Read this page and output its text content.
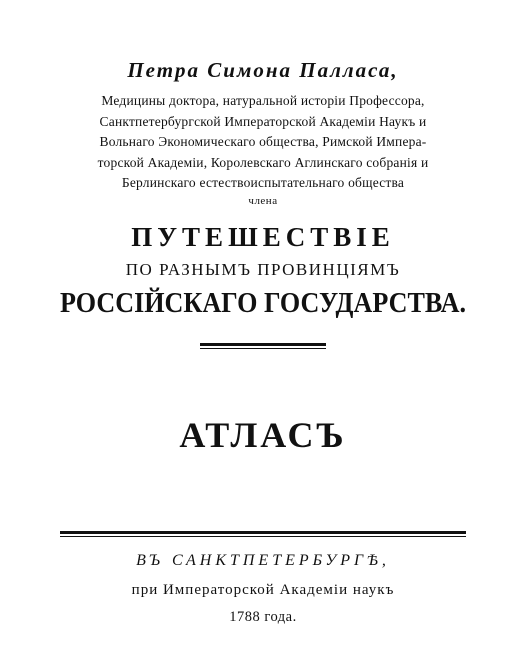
Петра Симона Палласа,
Медицины доктора, натуральной исторіи Профессора,
Санктпетербургской Императорской Академіи Наукъ и
Вольнаго Экономическаго общества, Римской Импера-
торской Академіи, Королевскаго Аглинскаго собранія и
Берлинскаго естествоиспытательнаго общества
члена
ПУТЕШЕСТВІЕ
ПО РАЗНЫМЪ ПРОВИНЦІЯМЪ
РОССІЙСКАГО ГОСУДАРСТВА.
АТЛАСЪ
ВЪ САНКТПЕТЕРБУРГѢ,
при Императорской Академіи наукъ
1788 года.
